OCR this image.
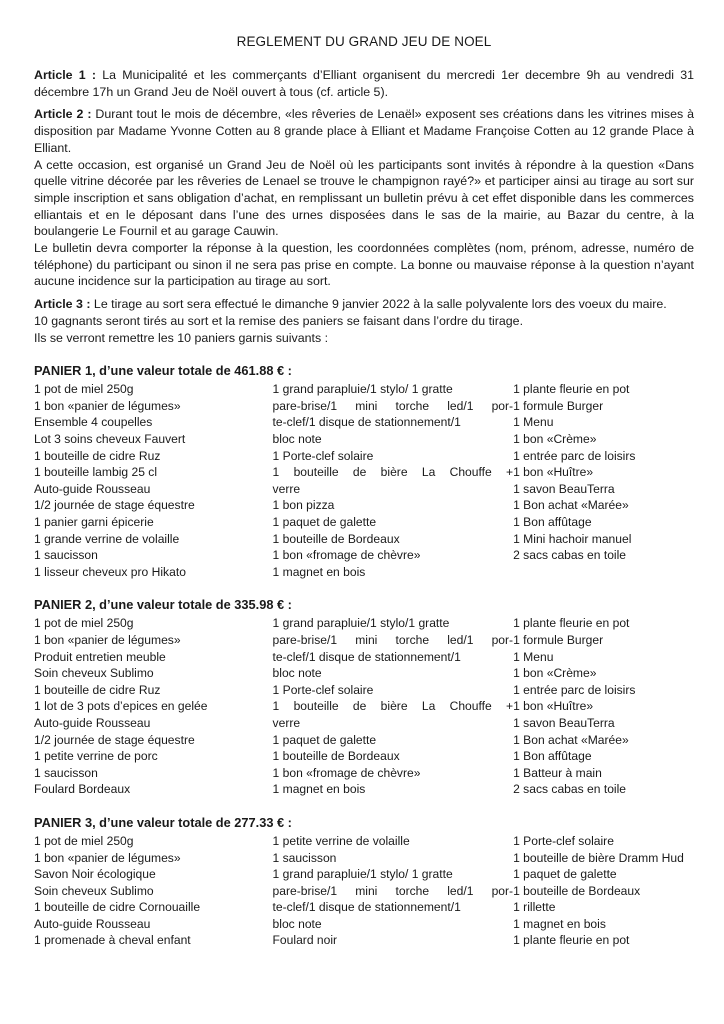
REGLEMENT DU GRAND JEU DE NOEL

Article 1 : La Municipalité et les commerçants d’Elliant organisent du mercredi 1er decembre 9h au vendredi 31 décembre 17h un Grand Jeu de Noël ouvert à tous (cf. article 5).

Article 2 : Durant tout le mois de décembre, «les rêveries de Lenaël» exposent ses créations dans les vitrines mises à disposition par Madame Yvonne Cotten au 8 grande place à Elliant et Madame Françoise Cotten au 12 grande Place à Elliant.

A cette occasion, est organisé un Grand Jeu de Noël où les participants sont invités à répondre à la question «Dans quelle vitrine décorée par les rêveries de Lenael se trouve le champignon rayé?» et participer ainsi au tirage au sort sur simple inscription et sans obligation d’achat, en remplissant un bulletin prévu à cet effet disponible dans les commerces elliantais et en le déposant dans l’une des urnes disposées dans le sas de la mairie, au Bazar du centre, à la boulangerie Le Fournil et au garage Cauwin.

Le bulletin devra comporter la réponse à la question, les coordonnées complètes (nom, prénom, adresse, numéro de téléphone) du participant ou sinon il ne sera pas prise en compte. La bonne ou mauvaise réponse à la question n’ayant aucune incidence sur la participation au tirage au sort.

Article 3 : Le tirage au sort sera effectué le dimanche 9 janvier 2022 à la salle polyvalente lors des voeux du maire.

10 gagnants seront tirés au sort et la remise des paniers se faisant dans l’ordre du tirage.

Ils se verront remettre les 10 paniers garnis suivants :

PANIER 1, d’une valeur totale de 461.88 € :
1 pot de miel 250g
1 bon «panier de légumes»
Ensemble 4 coupelles
Lot 3 soins cheveux Fauvert
1 bouteille de cidre Ruz
1 bouteille lambig 25 cl
Auto-guide Rousseau
1/2 journée de stage équestre
1 panier garni épicerie
1 grande verrine de volaille
1 saucisson
1 lisseur cheveux pro Hikato
1 grand parapluie/1 stylo/ 1 gratte
pare-brise/1 mini torche led/1 por-
te-clef/1 disque de stationnement/1
bloc note
1 Porte-clef solaire
1 bouteille de bière La Chouffe +
verre
1 bon pizza
1 paquet de galette
1 bouteille de Bordeaux
1 bon «fromage de chèvre»
1 magnet en bois
1 plante fleurie en pot
1 formule Burger
1 Menu
1 bon «Crème»
1 entrée parc de loisirs
1 bon «Huître»
1 savon BeauTerra
1 Bon achat «Marée»
1 Bon affûtage
1 Mini hachoir manuel
2 sacs cabas en toile
PANIER 2, d’une valeur totale de 335.98 € :
1 pot de miel 250g
1 bon «panier de légumes»
Produit entretien meuble
Soin cheveux Sublimo
1 bouteille de cidre Ruz
1 lot de 3 pots d’epices en gelée
Auto-guide Rousseau
1/2 journée de stage équestre
1 petite verrine de porc
1 saucisson
Foulard Bordeaux
1 grand parapluie/1 stylo/1 gratte
pare-brise/1 mini torche led/1 por-
te-clef/1 disque de stationnement/1
bloc note
1 Porte-clef solaire
1 bouteille de bière La Chouffe +
verre
1 paquet de galette
1 bouteille de Bordeaux
1 bon «fromage de chèvre»
1 magnet en bois
1 plante fleurie en pot
1 formule Burger
1 Menu
1 bon «Crème»
1 entrée parc de loisirs
1 bon «Huître»
1 savon BeauTerra
1 Bon achat «Marée»
1 Bon affûtage
1 Batteur à main
2 sacs cabas en toile
PANIER 3, d’une valeur totale de 277.33 € :
1 pot de miel 250g
1 bon «panier de légumes»
Savon Noir écologique
Soin cheveux Sublimo
1 bouteille de cidre Cornouaille
Auto-guide Rousseau
1 promenade à cheval enfant
1 petite verrine de volaille
1 saucisson
1 grand parapluie/1 stylo/ 1 gratte
pare-brise/1 mini torche led/1 por-
te-clef/1 disque de stationnement/1
bloc note
Foulard noir
1 Porte-clef solaire
1 bouteille de bière Dramm Hud
1 paquet de galette
1 bouteille de Bordeaux
1 rillette
1 magnet en bois
1 plante fleurie en pot
